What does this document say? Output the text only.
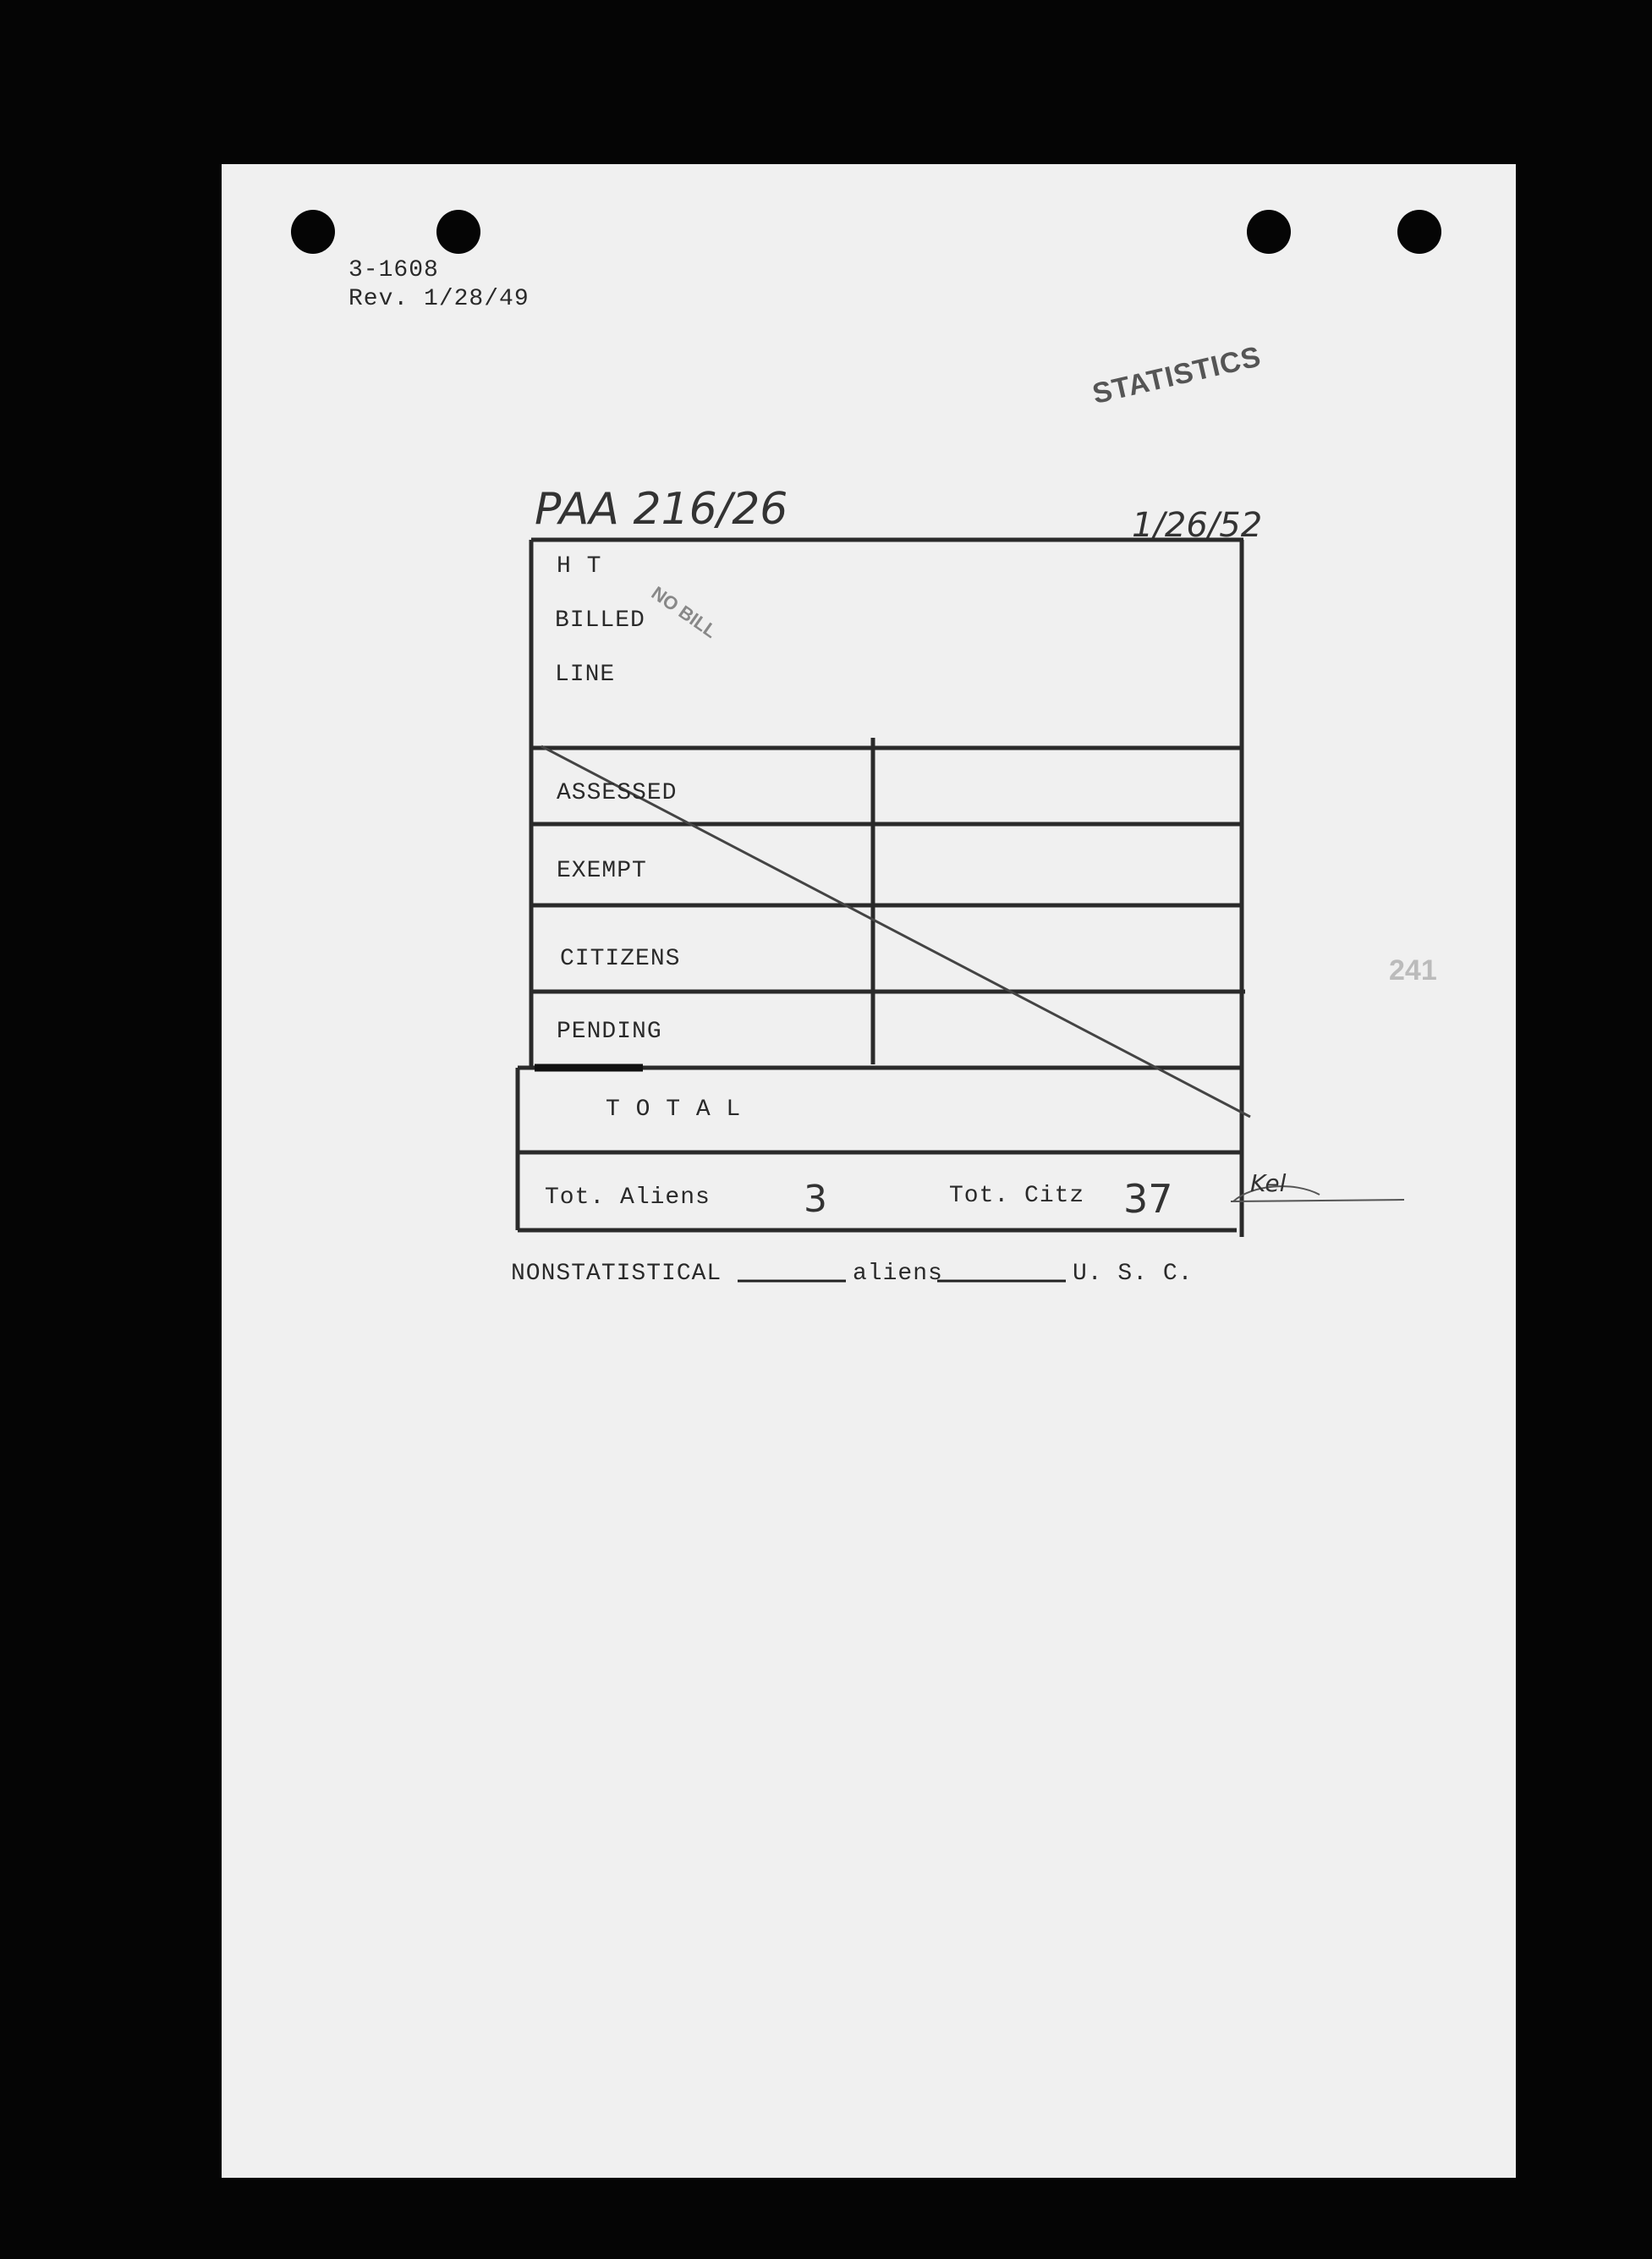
3-1608
Rev. 1/28/49
STATISTICS
241
PAA 216/26	1/26/52
H T
BILLED
LINE
NO BILL
ASSESSED
EXEMPT
CITIZENS
PENDING
T O T A L
Tot. Aliens	3	Tot. Citz 37	Kel
NONSTATISTICAL	aliens	U. S. C.
